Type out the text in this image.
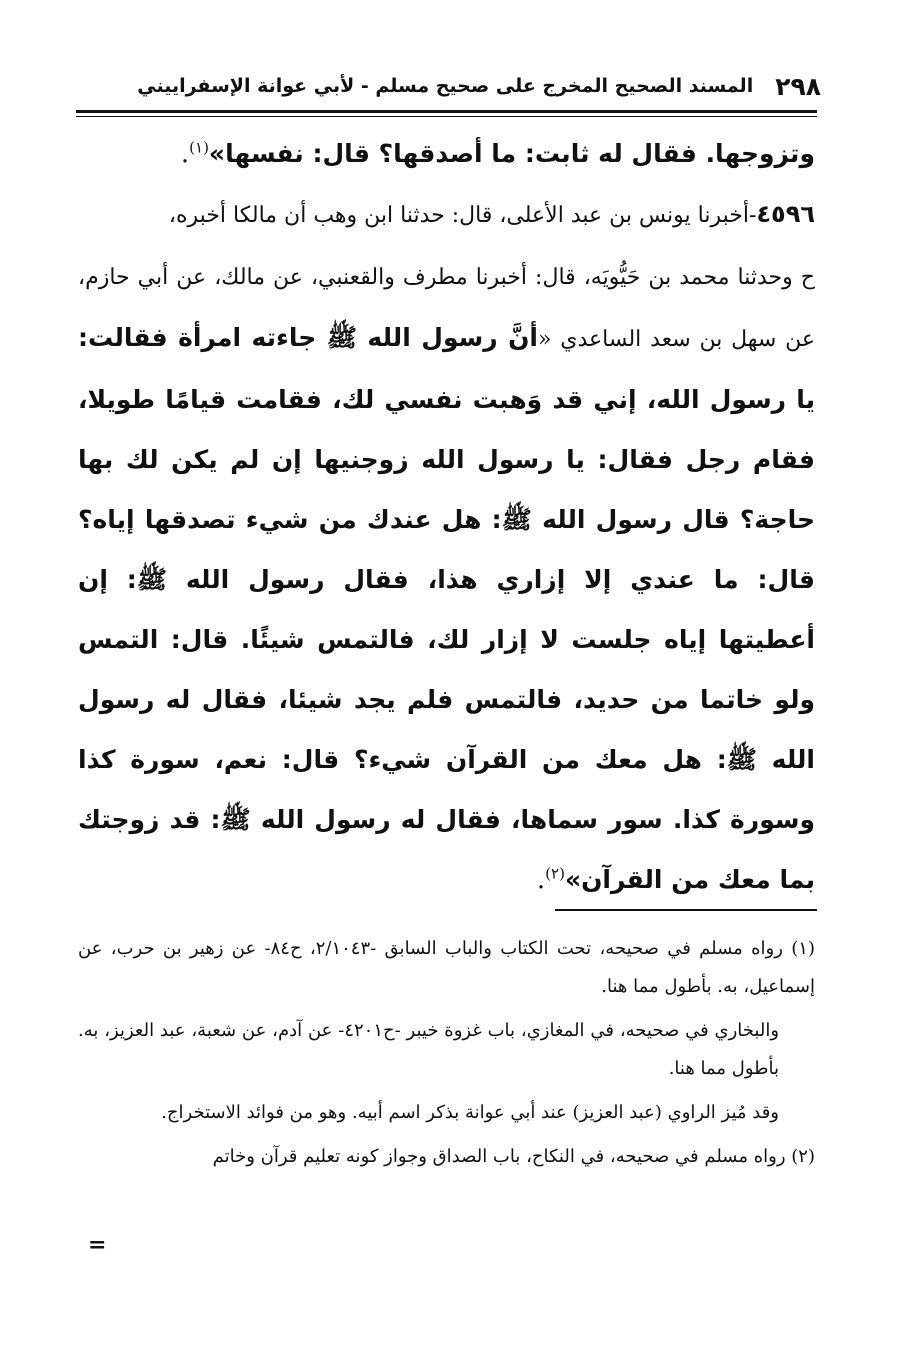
٢٩٨
المسند الصحيح المخرج على صحيح مسلم - لأبي عوانة الإسفراييني

وتزوجها. فقال له ثابت: ما أصدقها؟ قال: نفسها»$^{(١)}$.

٤٥٩٦-أخبرنا يونس بن عبد الأعلى، قال: حدثنا ابن وهب أن مالكا أخبره،

ح وحدثنا محمد بن حَيُّويَه، قال: أخبرنا مطرف والقعنبي، عن مالك، عن أبي حازم، عن سهل بن سعد الساعدي «أنَّ رسول الله ﷺ جاءته امرأة فقالت: يا رسول الله، إني قد وَهبت نفسي لك، فقامت قيامًا طويلا، فقام رجل فقال: يا رسول الله زوجنيها إن لم يكن لك بها حاجة؟ قال رسول الله ﷺ: هل عندك من شيء تصدقها إياه؟ قال: ما عندي إلا إزاري هذا، فقال رسول الله ﷺ: إن أعطيتها إياه جلست لا إزار لك، فالتمس شيئًا. قال: التمس ولو خاتما من حديد، فالتمس فلم يجد شيئا، فقال له رسول الله ﷺ: هل معك من القرآن شيء؟ قال: نعم، سورة كذا وسورة كذا. سور سماها، فقال له رسول الله ﷺ: قد زوجتك بما معك من القرآن»$^{(٢)}$.

(١) رواه مسلم في صحيحه، تحت الكتاب والباب السابق -٢/١٠٤٣، ح٨٤- عن زهير بن حرب، عن إسماعيل، به. بأطول مما هنا.

والبخاري في صحيحه، في المغازي، باب غزوة خيبر -ح٤٢٠١- عن آدم، عن شعبة، عبد العزيز، به. بأطول مما هنا.

وقد مُيز الراوي (عبد العزيز) عند أبي عوانة بذكر اسم أبيه. وهو من فوائد الاستخراج.

(٢) رواه مسلم في صحيحه، في النكاح، باب الصداق وجواز كونه تعليم قرآن وخاتم

=
